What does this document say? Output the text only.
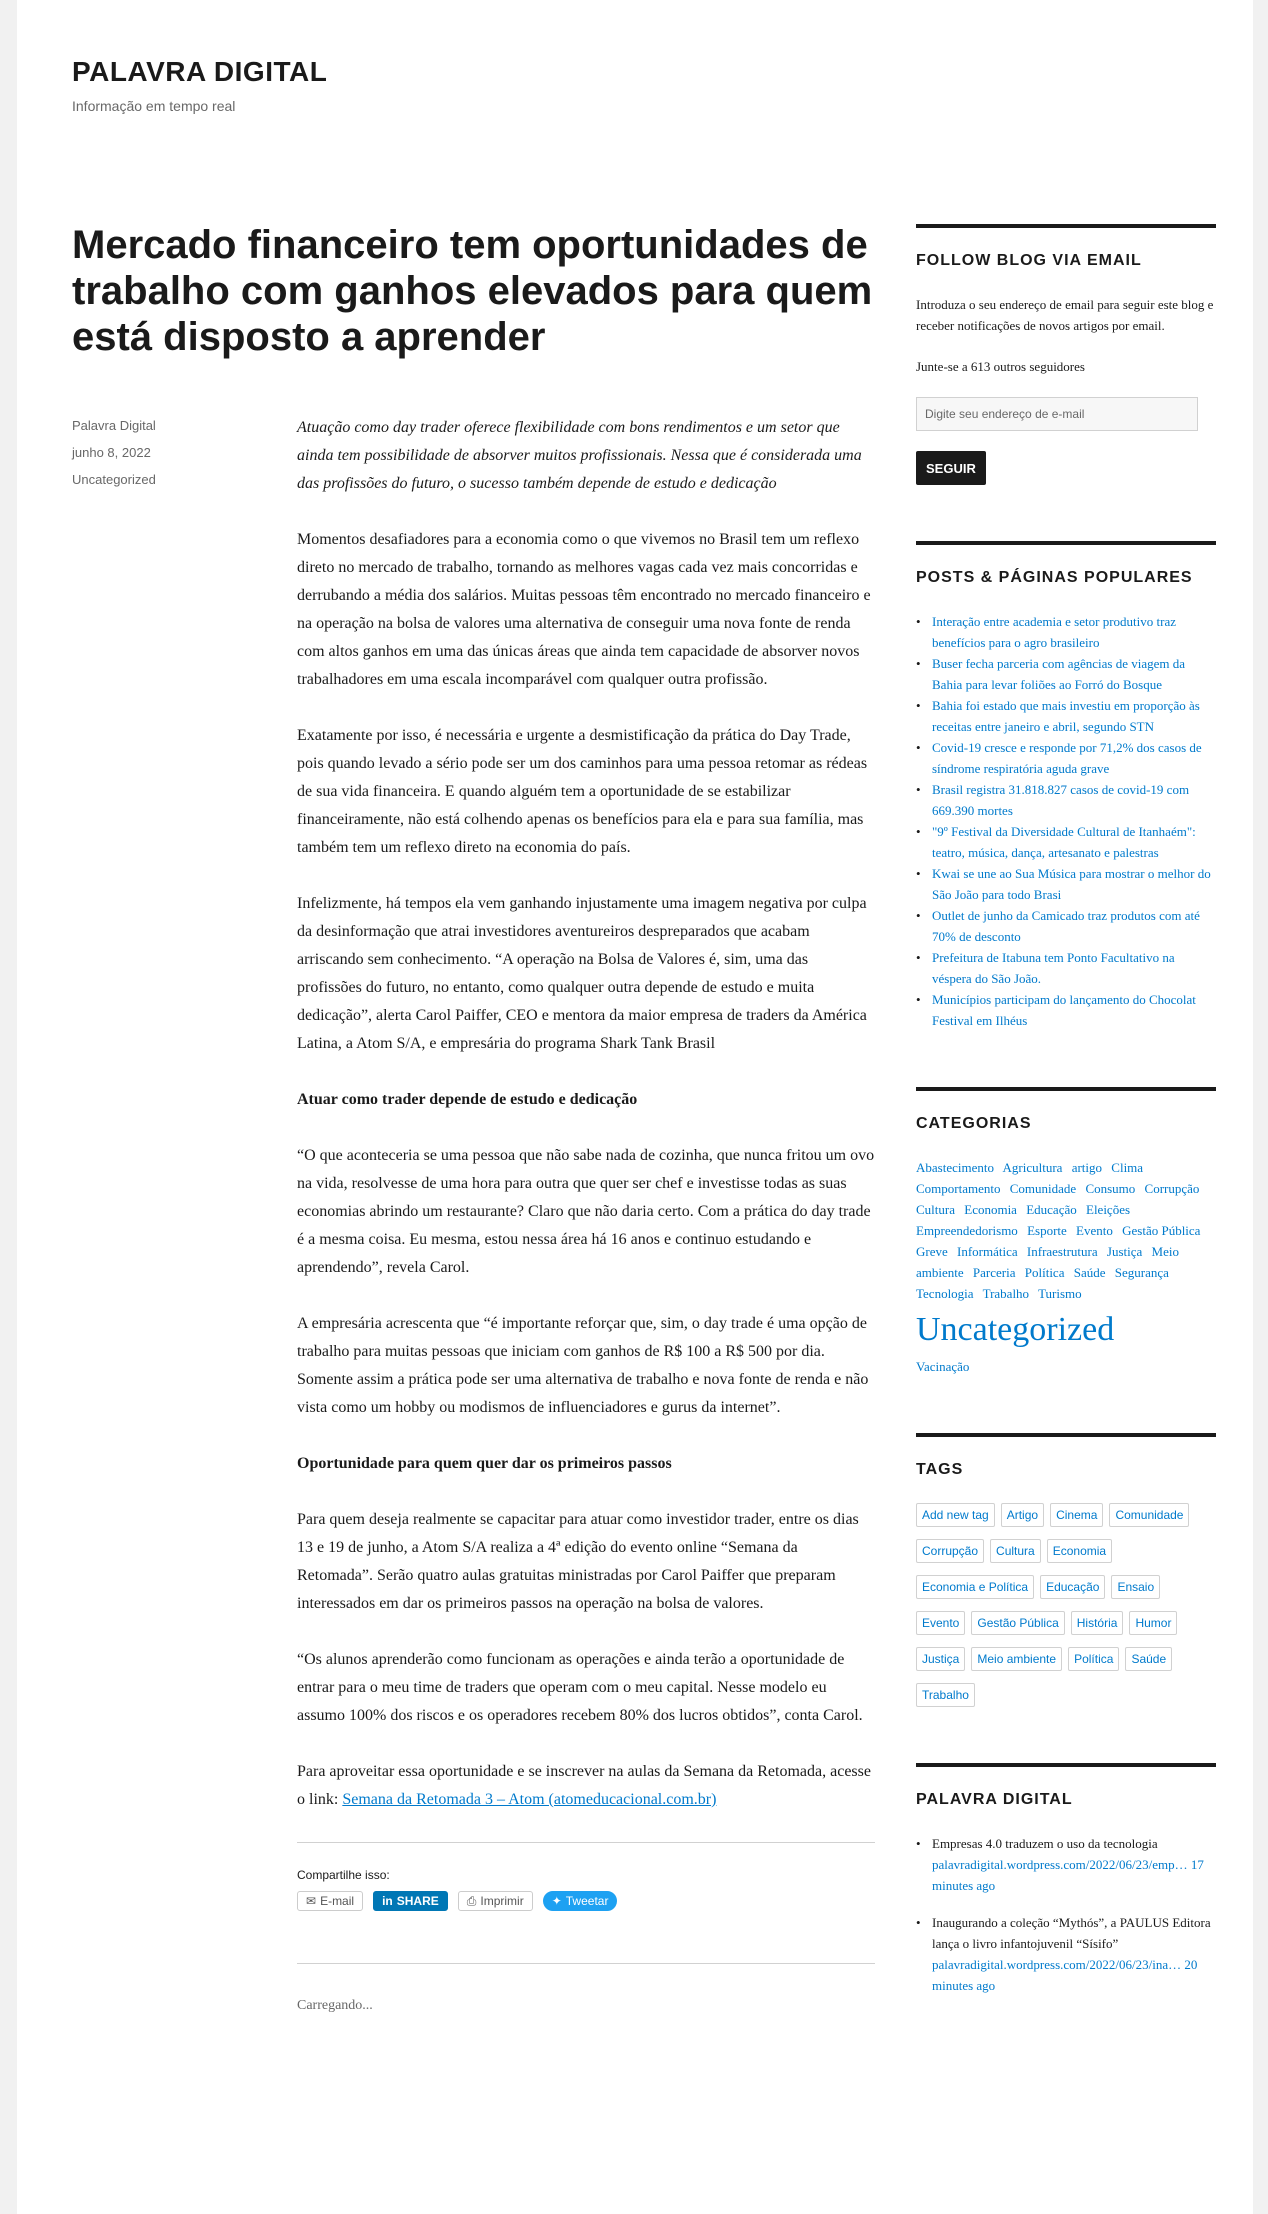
PALAVRA DIGITAL
Informação em tempo real
Mercado financeiro tem oportunidades de trabalho com ganhos elevados para quem está disposto a aprender
Palavra Digital
junho 8, 2022
Uncategorized

Atuação como day trader oferece flexibilidade com bons rendimentos e um setor que ainda tem possibilidade de absorver muitos profissionais. Nessa que é considerada uma das profissões do futuro, o sucesso também depende de estudo e dedicação

Momentos desafiadores para a economia como o que vivemos no Brasil tem um reflexo direto no mercado de trabalho, tornando as melhores vagas cada vez mais concorridas e derrubando a média dos salários. Muitas pessoas têm encontrado no mercado financeiro e na operação na bolsa de valores uma alternativa de conseguir uma nova fonte de renda com altos ganhos em uma das únicas áreas que ainda tem capacidade de absorver novos trabalhadores em uma escala incomparável com qualquer outra profissão.

Exatamente por isso, é necessária e urgente a desmistificação da prática do Day Trade, pois quando levado a sério pode ser um dos caminhos para uma pessoa retomar as rédeas de sua vida financeira. E quando alguém tem a oportunidade de se estabilizar financeiramente, não está colhendo apenas os benefícios para ela e para sua família, mas também tem um reflexo direto na economia do país.

Infelizmente, há tempos ela vem ganhando injustamente uma imagem negativa por culpa da desinformação que atrai investidores aventureiros despreparados que acabam arriscando sem conhecimento. “A operação na Bolsa de Valores é, sim, uma das profissões do futuro, no entanto, como qualquer outra depende de estudo e muita dedicação”, alerta Carol Paiffer, CEO e mentora da maior empresa de traders da América Latina, a Atom S/A, e empresária do programa Shark Tank Brasil

Atuar como trader depende de estudo e dedicação

“O que aconteceria se uma pessoa que não sabe nada de cozinha, que nunca fritou um ovo na vida, resolvesse de uma hora para outra que quer ser chef e investisse todas as suas economias abrindo um restaurante? Claro que não daria certo. Com a prática do day trade é a mesma coisa. Eu mesma, estou nessa área há 16 anos e continuo estudando e aprendendo”, revela Carol.

A empresária acrescenta que “é importante reforçar que, sim, o day trade é uma opção de trabalho para muitas pessoas que iniciam com ganhos de R$ 100 a R$ 500 por dia. Somente assim a prática pode ser uma alternativa de trabalho e nova fonte de renda e não vista como um hobby ou modismos de influenciadores e gurus da internet”.

Oportunidade para quem quer dar os primeiros passos

Para quem deseja realmente se capacitar para atuar como investidor trader, entre os dias 13 e 19 de junho, a Atom S/A realiza a 4ª edição do evento online “Semana da Retomada”. Serão quatro aulas gratuitas ministradas por Carol Paiffer que preparam interessados em dar os primeiros passos na operação na bolsa de valores.

“Os alunos aprenderão como funcionam as operações e ainda terão a oportunidade de entrar para o meu time de traders que operam com o meu capital. Nesse modelo eu assumo 100% dos riscos e os operadores recebem 80% dos lucros obtidos”, conta Carol.

Para aproveitar essa oportunidade e se inscrever na aulas da Semana da Retomada, acesse o link: Semana da Retomada 3 – Atom (atomeducacional.com.br)

Compartilhe isso:
✉ E-mail in SHARE ⎙ Imprimir ✦ Tweetar
Carregando...
FOLLOW BLOG VIA EMAIL

Introduza o seu endereço de email para seguir este blog e receber notificações de novos artigos por email.

Junte-se a 613 outros seguidores

Digite seu endereço de e-mail
SEGUIR
POSTS & PÁGINAS POPULARES
• Interação entre academia e setor produtivo traz benefícios para o agro brasileiro
• Buser fecha parceria com agências de viagem da Bahia para levar foliões ao Forró do Bosque
• Bahia foi estado que mais investiu em proporção às receitas entre janeiro e abril, segundo STN
• Covid-19 cresce e responde por 71,2% dos casos de síndrome respiratória aguda grave
• Brasil registra 31.818.827 casos de covid-19 com 669.390 mortes
• "9º Festival da Diversidade Cultural de Itanhaém": teatro, música, dança, artesanato e palestras
• Kwai se une ao Sua Música para mostrar o melhor do São João para todo Brasi
• Outlet de junho da Camicado traz produtos com até 70% de desconto
• Prefeitura de Itabuna tem Ponto Facultativo na véspera do São João.
• Municípios participam do lançamento do Chocolat Festival em Ilhéus
CATEGORIAS
Abastecimento Agricultura artigo Clima Comportamento Comunidade Consumo Corrupção Cultura Economia Educação Eleições Empreendedorismo Esporte Evento Gestão Pública Greve Informática Infraestrutura Justiça Meio ambiente Parceria Política Saúde Segurança Tecnologia Trabalho Turismo
Uncategorized
Vacinação
TAGS
Add new tag	Artigo	Cinema	Comunidade
Corrupção	Cultura	Economia
Economia e Política	Educação	Ensaio
Evento	Gestão Pública	História	Humor
Justiça	Meio ambiente	Política	Saúde
Trabalho
PALAVRA DIGITAL
• Empresas 4.0 traduzem o uso da tecnologia
palavradigital.wordpress.com/2022/06/23/emp… 17 minutes ago
• Inaugurando a coleção “Mythós”, a PAULUS Editora lança o livro infantojuvenil “Sísifo”
palavradigital.wordpress.com/2022/06/23/ina… 20 minutes ago
